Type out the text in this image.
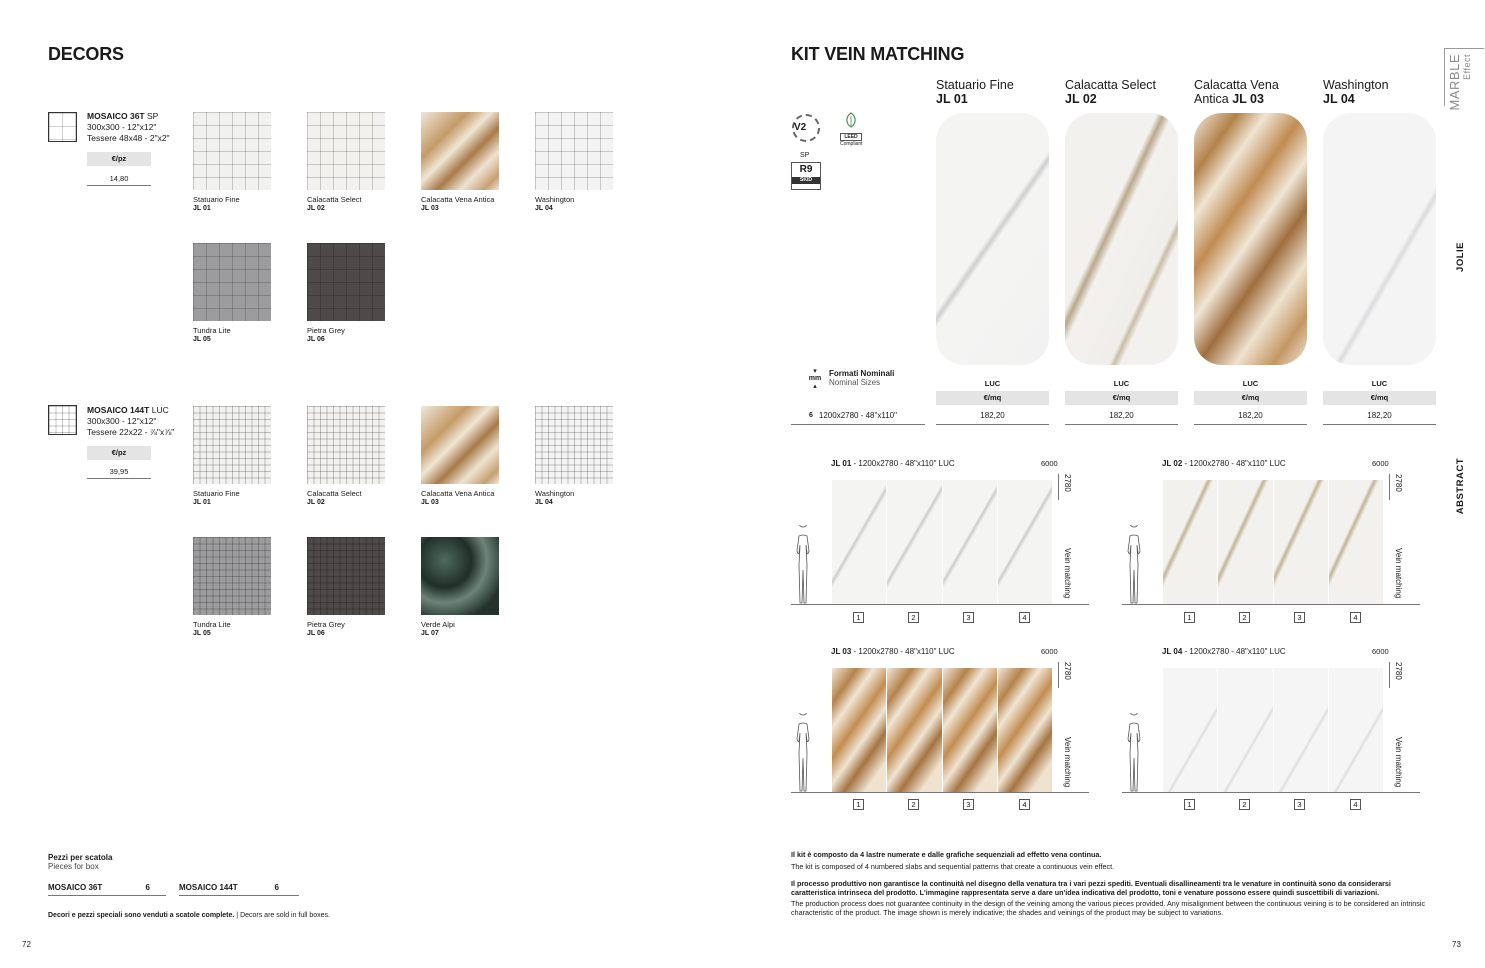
DECORS
MOSAICO 36T SP
300x300 - 12"x12"
Tessere 48x48 - 2"x2"
€/pz
14,80
Statuario Fine
JL 01
Calacatta Select
JL 02
Calacatta Vena Antica
JL 03
Washington
JL 04
Tundra Lite
JL 05
Pietra Grey
JL 06
MOSAICO 144T LUC
300x300 - 12"x12"
Tessere 22x22 - ⅞"x⅞"
€/pz
39,95
Statuario Fine
JL 01
Calacatta Select
JL 02
Calacatta Vena Antica
JL 03
Washington
JL 04
Tundra Lite
JL 05
Pietra Grey
JL 06
Verde Alpi
JL 07
Pezzi per scatola
Pieces for box
MOSAICO 36T	6	MOSAICO 144T	6
Decori e pezzi speciali sono venduti a scatole complete. | Decors are sold in full boxes.
72
KIT VEIN MATCHING
Statuario Fine
JL 01
Calacatta Select
JL 02
Calacatta Vena
Antica JL 03
Washington
JL 04
V2
LEED
Compliant
SP
R9
SKID
▾
mm
▴
Formati Nominali
Nominal Sizes	LUC	LUC	LUC	LUC
€/mq	€/mq	€/mq	€/mq
6 1200x2780 - 48"x110"	182,20	182,20	182,20	182,20
JL 01 - 1200x2780 - 48"x110" LUC	6000
2780
Vein matching
1	2	3	4
JL 02 - 1200x2780 - 48"x110" LUC	6000
2780
Vein matching
1	2	3	4
JL 03 - 1200x2780 - 48"x110" LUC	6000
2780
Vein matching
1	2	3	4
JL 04 - 1200x2780 - 48"x110" LUC	6000
2780
Vein matching
1	2	3	4
MARBLE Effect
JOLIE
ABSTRACT
Il kit è composto da 4 lastre numerate e dalle grafiche sequenziali ad effetto vena continua.
The kit is composed of 4 numbered slabs and sequential patterns that create a continuous vein effect.
Il processo produttivo non garantisce la continuità nel disegno della venatura tra i vari pezzi spediti. Eventuali disallineamenti tra le venature in continuità sono da considerarsi caratteristica intrinseca del prodotto. L'immagine rappresentata serve a dare un'idea indicativa del prodotto, toni e venature possono essere quindi suscettibili di variazioni.
The production process does not guarantee continuity in the design of the veining among the various pieces provided. Any misalignment between the continuous veining is to be considered an intrinsic characteristic of the product. The image shown is merely indicative; the shades and veinings of the product may be subject to variations.
73
